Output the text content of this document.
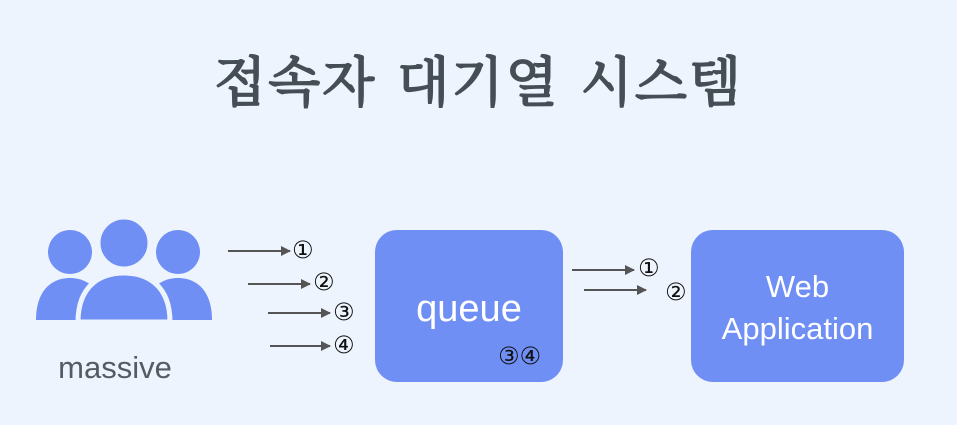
접속자 대기열 시스템
massive
①
②
③
④
①
②
queue
③④
Web
Application
